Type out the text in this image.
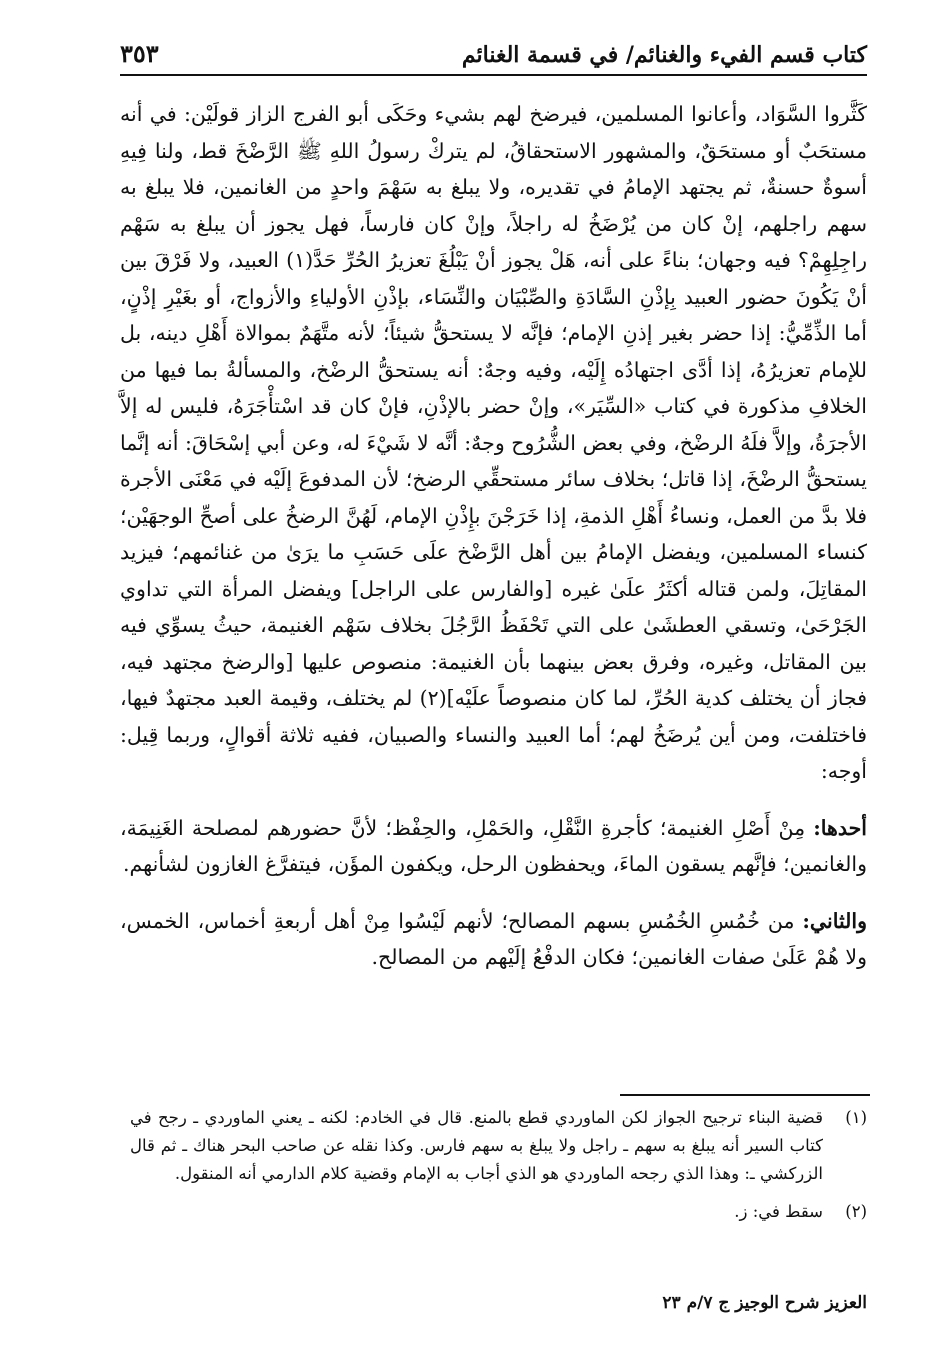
كتاب قسم الفيء والغنائم/ في قسمة الغنائم
٣٥٣

كَثَّروا السَّوَاد، وأعانوا المسلمين، فيرضخ لهم بشيء وحَكَى أبو الفرج الزاز قولَيْن: في أنه مستحَبٌ أو مستحَقٌ، والمشهور الاستحقاقُ، لم يتركْ رسولُ اللهِ ﷺ الرَّضْخَ قط، ولنا فِيهِ أسوةٌ حسنةٌ، ثم يجتهد الإمامُ في تقديره، ولا يبلغ به سَهْمَ واحدٍ من الغانمين، فلا يبلغ به سهم راجلهم، إنْ كان من يُرْضَخُ له راجلاً، وإنْ كان فارساً، فهل يجوز أن يبلغ به سَهْم راجِلِهِمْ؟ فيه وجهان؛ بناءً على أنه، هَلْ يجوز أنْ يَبْلُغَ تعزيرُ الحُرِّ حَدَّ(١) العبيد، ولا فَرْقَ بين أنْ يَكُونَ حضور العبيد بِإذْنِ السَّادَةِ والصِّبْيَان والنِّسَاء، بإذْنِ الأولياءِ والأزواج، أو بغَيْرِ إذْنٍ، أما الذِّمِّيُّ: إذا حضر بغير إذنِ الإمام؛ فإنَّه لا يستحقُّ شيئاً؛ لأنه متَّهَمٌ بموالاة أَهْلِ دينه، بل للإمام تعزيرُهُ، إذا أدَّى اجتهادُه إِلَيْه، وفيه وجهٌ: أنه يستحقُّ الرضْخ، والمسألةُ بما فيها من الخلافِ مذكورة في كتاب «السِّيَر»، وإنْ حضر بالإذْنِ، فإنْ كان قد اسْتأْجَرَهُ، فليس له إلاَّ الأجرَةُ، وإلاَّ فلَهُ الرضْخ، وفي بعض الشُّرُوح وجهٌ: أنَّه لا شَيْءَ له، وعن أبي إسْحَاقَ: أنه إنَّما يستحقُّ الرضْخَ، إذا قاتل؛ بخلاف سائر مستحقِّي الرضخ؛ لأن المدفوعَ إلَيْه في مَعْنَى الأجرة فلا بدَّ من العمل، ونساءُ أَهْلِ الذمةِ، إذا خَرَجْنَ بإِذْنِ الإمام، لَهُنَّ الرضخُ على أصحِّ الوجهَيْن؛ كنساء المسلمين، ويفضل الإمامُ بين أهل الرَّضْخ علَى حَسَبِ ما يرَىٰ من غنائمهم؛ فيزيد المقاتِلَ، ولمن قتاله أكثَرُ علَىٰ غيره [والفارس على الراجل] ويفضل المرأة التي تداوي الجَرْحَىٰ، وتسقي العطشَىٰ على التي تَحْفَظُ الرَّجُلَ بخلاف سَهْم الغنيمة، حيثُ يسوِّي فيه بين المقاتل، وغيره، وفرق بعض بينهما بأن الغنيمة: منصوص عليها [والرضخ مجتهد فيه، فجاز أن يختلف كدية الحُرِّ، لما كان منصوصاً علَيْه](٢) لم يختلف، وقيمة العبد مجتهدٌ فيها، فاختلفت، ومن أين يُرضَخُ لهم؛ أما العبيد والنساء والصبيان، ففيه ثلاثة أقوالٍ، وربما قِيل: أوجه:

أحدها: مِنْ أَصْلِ الغنيمة؛ كأجرةِ النَّقْلِ، والحَمْلِ، والحِفْظ؛ لأنَّ حضورهم لمصلحة الغَنِيمَة، والغانمين؛ فإنَّهم يسقون الماءَ، ويحفظون الرحل، ويكفون المؤَن، فيتفرَّغ الغازون لشأنهم.

والثاني: من خُمُسِ الخُمُسِ بسهم المصالح؛ لأنهم لَيْسُوا مِنْ أهل أربعةِ أخماس، الخمس، ولا هُمْ عَلَىٰ صفات الغانمين؛ فكان الدفْعُ إلَيْهم من المصالح.

(١)
قضية البناء ترجيح الجواز لكن الماوردي قطع بالمنع. قال في الخادم: لكنه ـ يعني الماوردي ـ رجح في كتاب السير أنه يبلغ به سهم ـ راجل ولا يبلغ به سهم فارس. وكذا نقله عن صاحب البحر هناك ـ ثم قال الزركشي ـ: وهذا الذي رجحه الماوردي هو الذي أجاب به الإمام وقضية كلام الدارمي أنه المنقول.
(٢)
سقط في: ز.
العزيز شرح الوجيز ج ٧/م ٢٣
